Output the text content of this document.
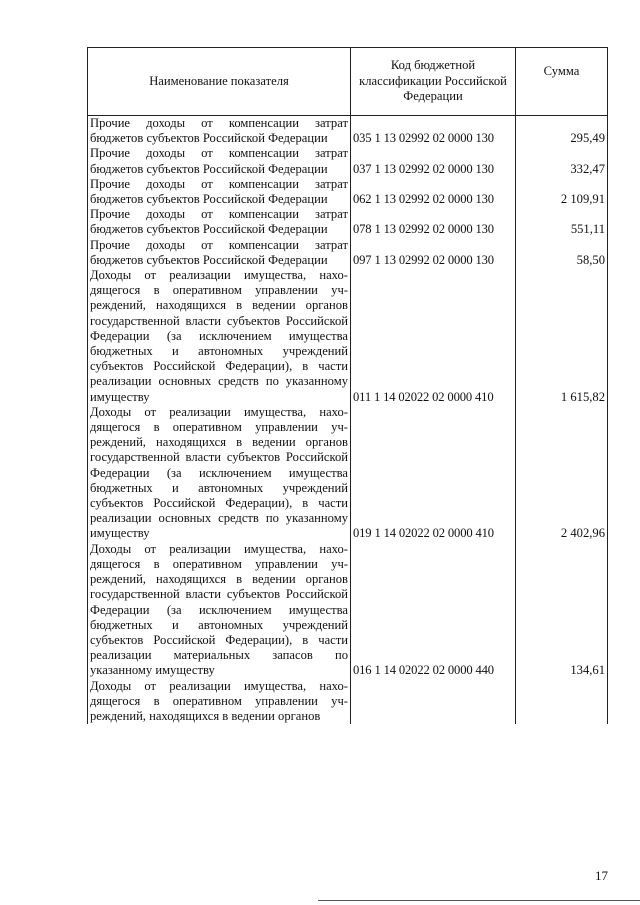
Наименование показателя	Код бюджетной классификации Российской Федерации	Сумма
Прочие доходы от компенсации затрат бюджетов субъектов Российской Федерации	035 1 13 02992 02 0000 130	295,49
Прочие доходы от компенсации затрат бюджетов субъектов Российской Федерации	037 1 13 02992 02 0000 130	332,47
Прочие доходы от компенсации затрат бюджетов субъектов Российской Федерации	062 1 13 02992 02 0000 130	2 109,91
Прочие доходы от компенсации затрат бюджетов субъектов Российской Федерации	078 1 13 02992 02 0000 130	551,11
Прочие доходы от компенсации затрат бюджетов субъектов Российской Федерации	097 1 13 02992 02 0000 130	58,50
Доходы от реализации имущества, находящегося в оперативном управлении учреждений, находящихся в ведении органов государственной власти субъектов Российской Федерации (за исключением имущества бюджетных и автономных учреждений субъектов Российской Федерации), в части реализации основных средств по указанному имуществу	011 1 14 02022 02 0000 410	1 615,82
Доходы от реализации имущества, находящегося в оперативном управлении учреждений, находящихся в ведении органов государственной власти субъектов Российской Федерации (за исключением имущества бюджетных и автономных учреждений субъектов Российской Федерации), в части реализации основных средств по указанному имуществу	019 1 14 02022 02 0000 410	2 402,96
Доходы от реализации имущества, находящегося в оперативном управлении учреждений, находящихся в ведении органов государственной власти субъектов Российской Федерации (за исключением имущества бюджетных и автономных учреждений субъектов Российской Федерации), в части реализации материальных запасов по указанному имуществу	016 1 14 02022 02 0000 440	134,61
Доходы от реализации имущества, находящегося в оперативном управлении учреждений, находящихся в ведении органов		
17
